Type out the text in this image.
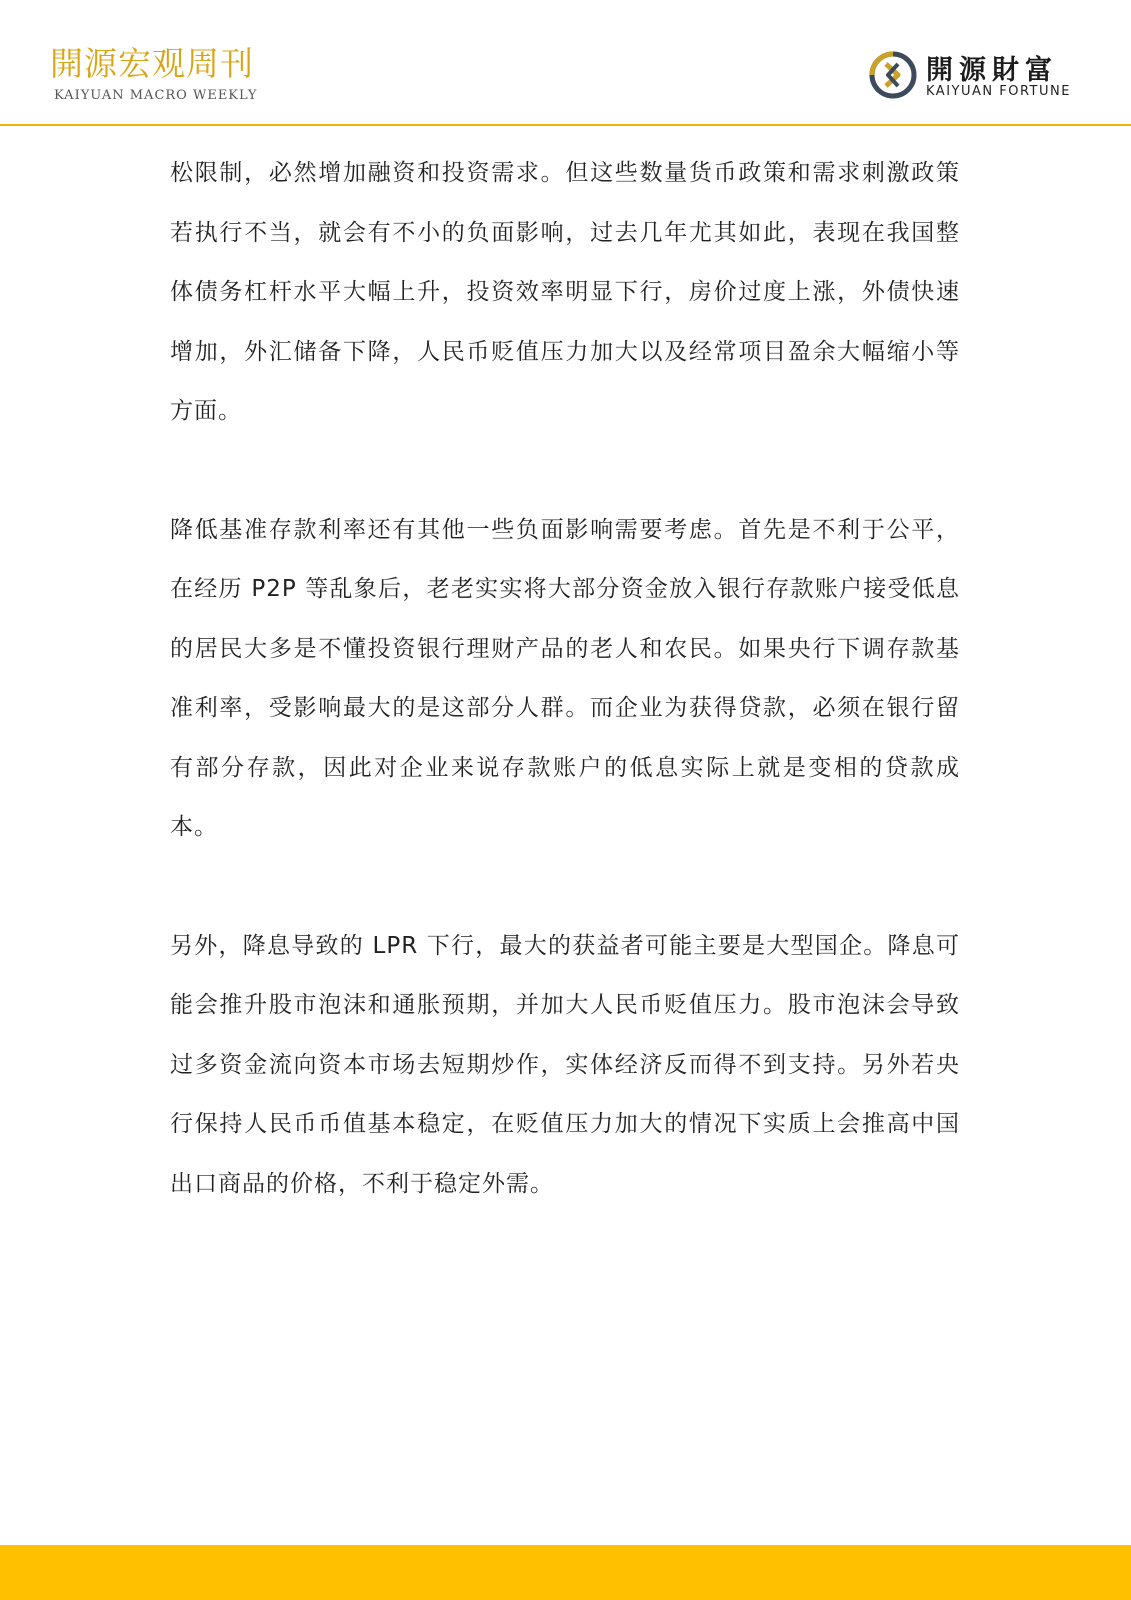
開源宏观周刊
KAIYUAN MACRO WEEKLY
開源財富
KAIYUAN FORTUNE

松限制，必然增加融资和投资需求。但这些数量货币政策和需求刺激政策若执行不当，就会有不小的负面影响，过去几年尤其如此，表现在我国整体债务杠杆水平大幅上升，投资效率明显下行，房价过度上涨，外债快速增加，外汇储备下降，人民币贬值压力加大以及经常项目盈余大幅缩小等方面。

降低基准存款利率还有其他一些负面影响需要考虑。首先是不利于公平，在经历 P2P 等乱象后，老老实实将大部分资金放入银行存款账户接受低息的居民大多是不懂投资银行理财产品的老人和农民。如果央行下调存款基准利率，受影响最大的是这部分人群。而企业为获得贷款，必须在银行留有部分存款，因此对企业来说存款账户的低息实际上就是变相的贷款成本。

另外，降息导致的 LPR 下行，最大的获益者可能主要是大型国企。降息可能会推升股市泡沫和通胀预期，并加大人民币贬值压力。股市泡沫会导致过多资金流向资本市场去短期炒作，实体经济反而得不到支持。另外若央行保持人民币币值基本稳定，在贬值压力加大的情况下实质上会推高中国出口商品的价格，不利于稳定外需。
